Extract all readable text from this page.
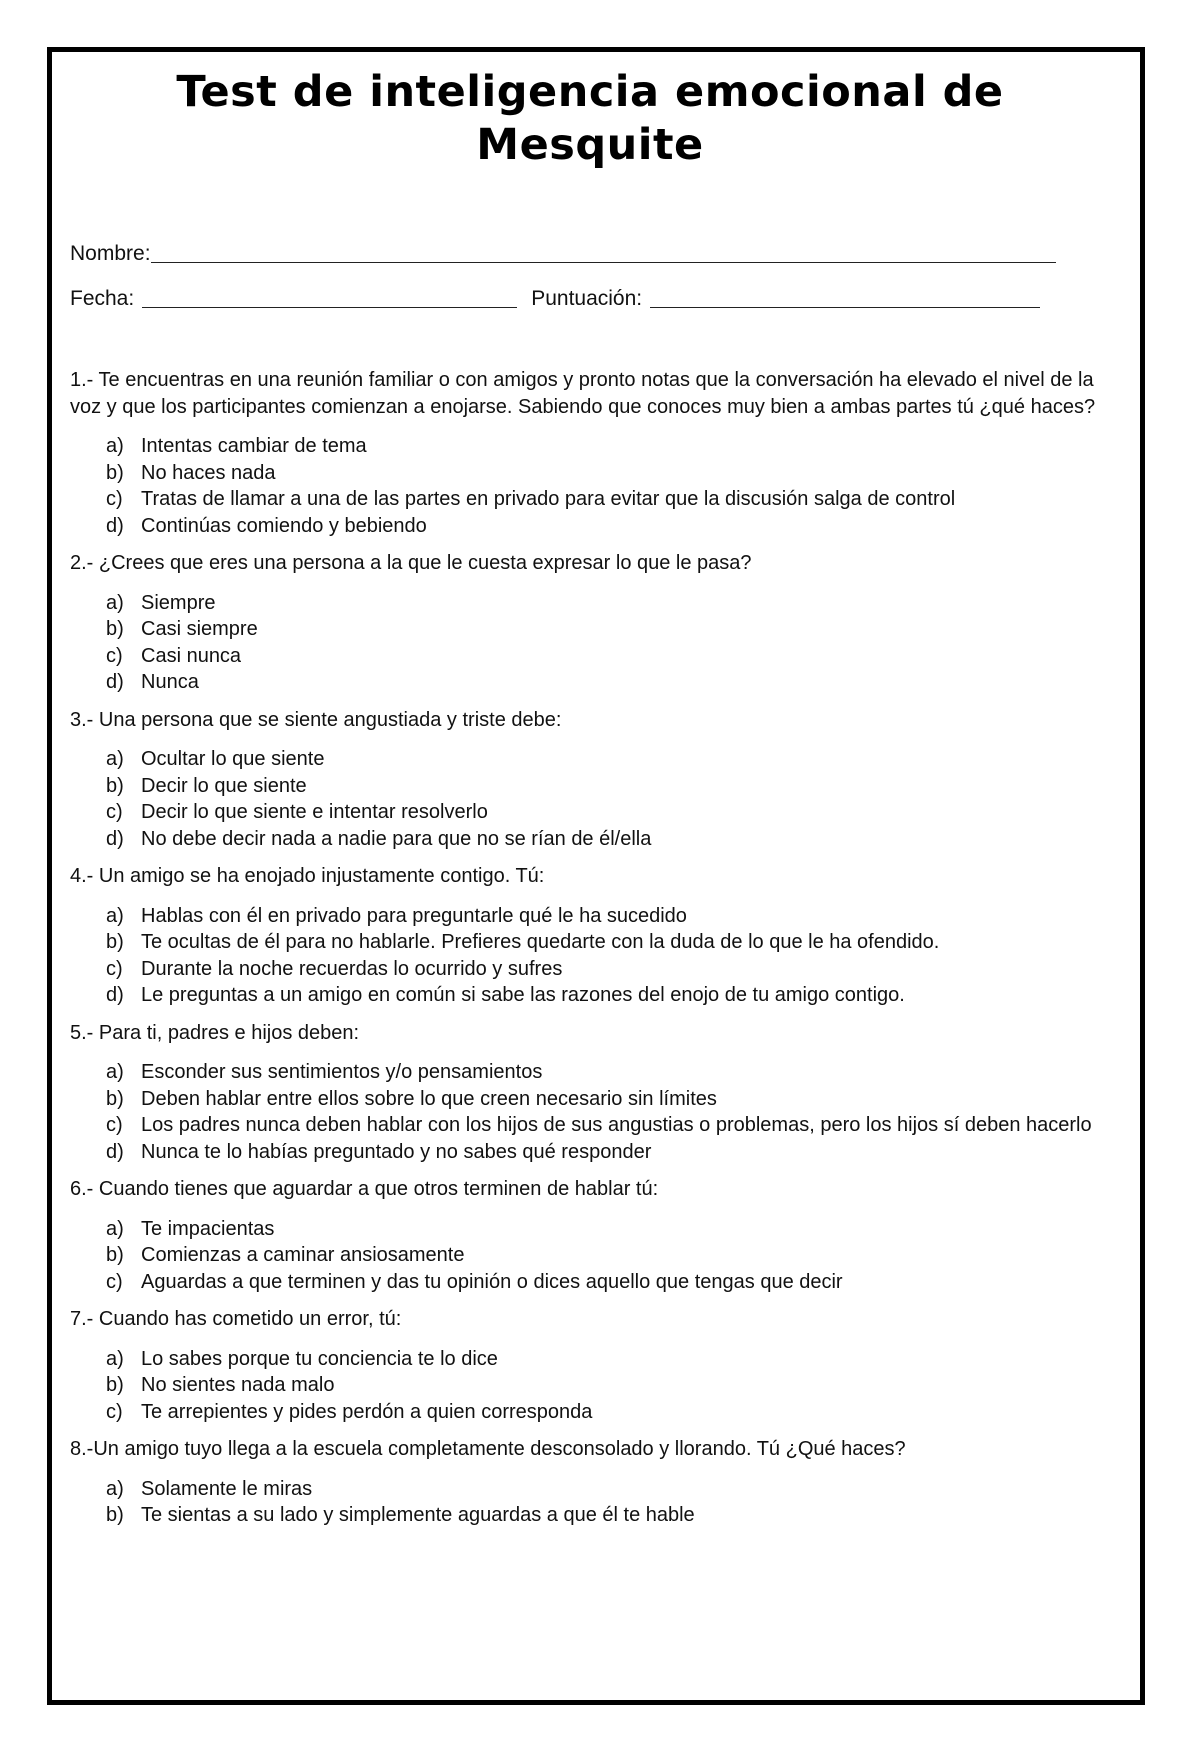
Test de inteligencia emocional de Mesquite
Nombre:
Fecha:	Puntuación:

1.- Te encuentras en una reunión familiar o con amigos y pronto notas que la conversación ha elevado el nivel de la voz y que los participantes comienzan a enojarse. Sabiendo que conoces muy bien a ambas partes tú ¿qué haces?

a) Intentas cambiar de tema
b) No haces nada
c) Tratas de llamar a una de las partes en privado para evitar que la discusión salga de control
d) Continúas comiendo y bebiendo

2.- ¿Crees que eres una persona a la que le cuesta expresar lo que le pasa?

a) Siempre
b) Casi siempre
c) Casi nunca
d) Nunca

3.- Una persona que se siente angustiada y triste debe:

a) Ocultar lo que siente
b) Decir lo que siente
c) Decir lo que siente e intentar resolverlo
d) No debe decir nada a nadie para que no se rían de él/ella

4.- Un amigo se ha enojado injustamente contigo. Tú:

a) Hablas con él en privado para preguntarle qué le ha sucedido
b) Te ocultas de él para no hablarle. Prefieres quedarte con la duda de lo que le ha ofendido.
c) Durante la noche recuerdas lo ocurrido y sufres
d) Le preguntas a un amigo en común si sabe las razones del enojo de tu amigo contigo.

5.- Para ti, padres e hijos deben:

a) Esconder sus sentimientos y/o pensamientos
b) Deben hablar entre ellos sobre lo que creen necesario sin límites
c) Los padres nunca deben hablar con los hijos de sus angustias o problemas, pero los hijos sí deben hacerlo
d) Nunca te lo habías preguntado y no sabes qué responder

6.- Cuando tienes que aguardar a que otros terminen de hablar tú:

a) Te impacientas
b) Comienzas a caminar ansiosamente
c) Aguardas a que terminen y das tu opinión o dices aquello que tengas que decir

7.- Cuando has cometido un error, tú:

a) Lo sabes porque tu conciencia te lo dice
b) No sientes nada malo
c) Te arrepientes y pides perdón a quien corresponda

8.-Un amigo tuyo llega a la escuela completamente desconsolado y llorando. Tú ¿Qué haces?

a) Solamente le miras
b) Te sientas a su lado y simplemente aguardas a que él te hable
